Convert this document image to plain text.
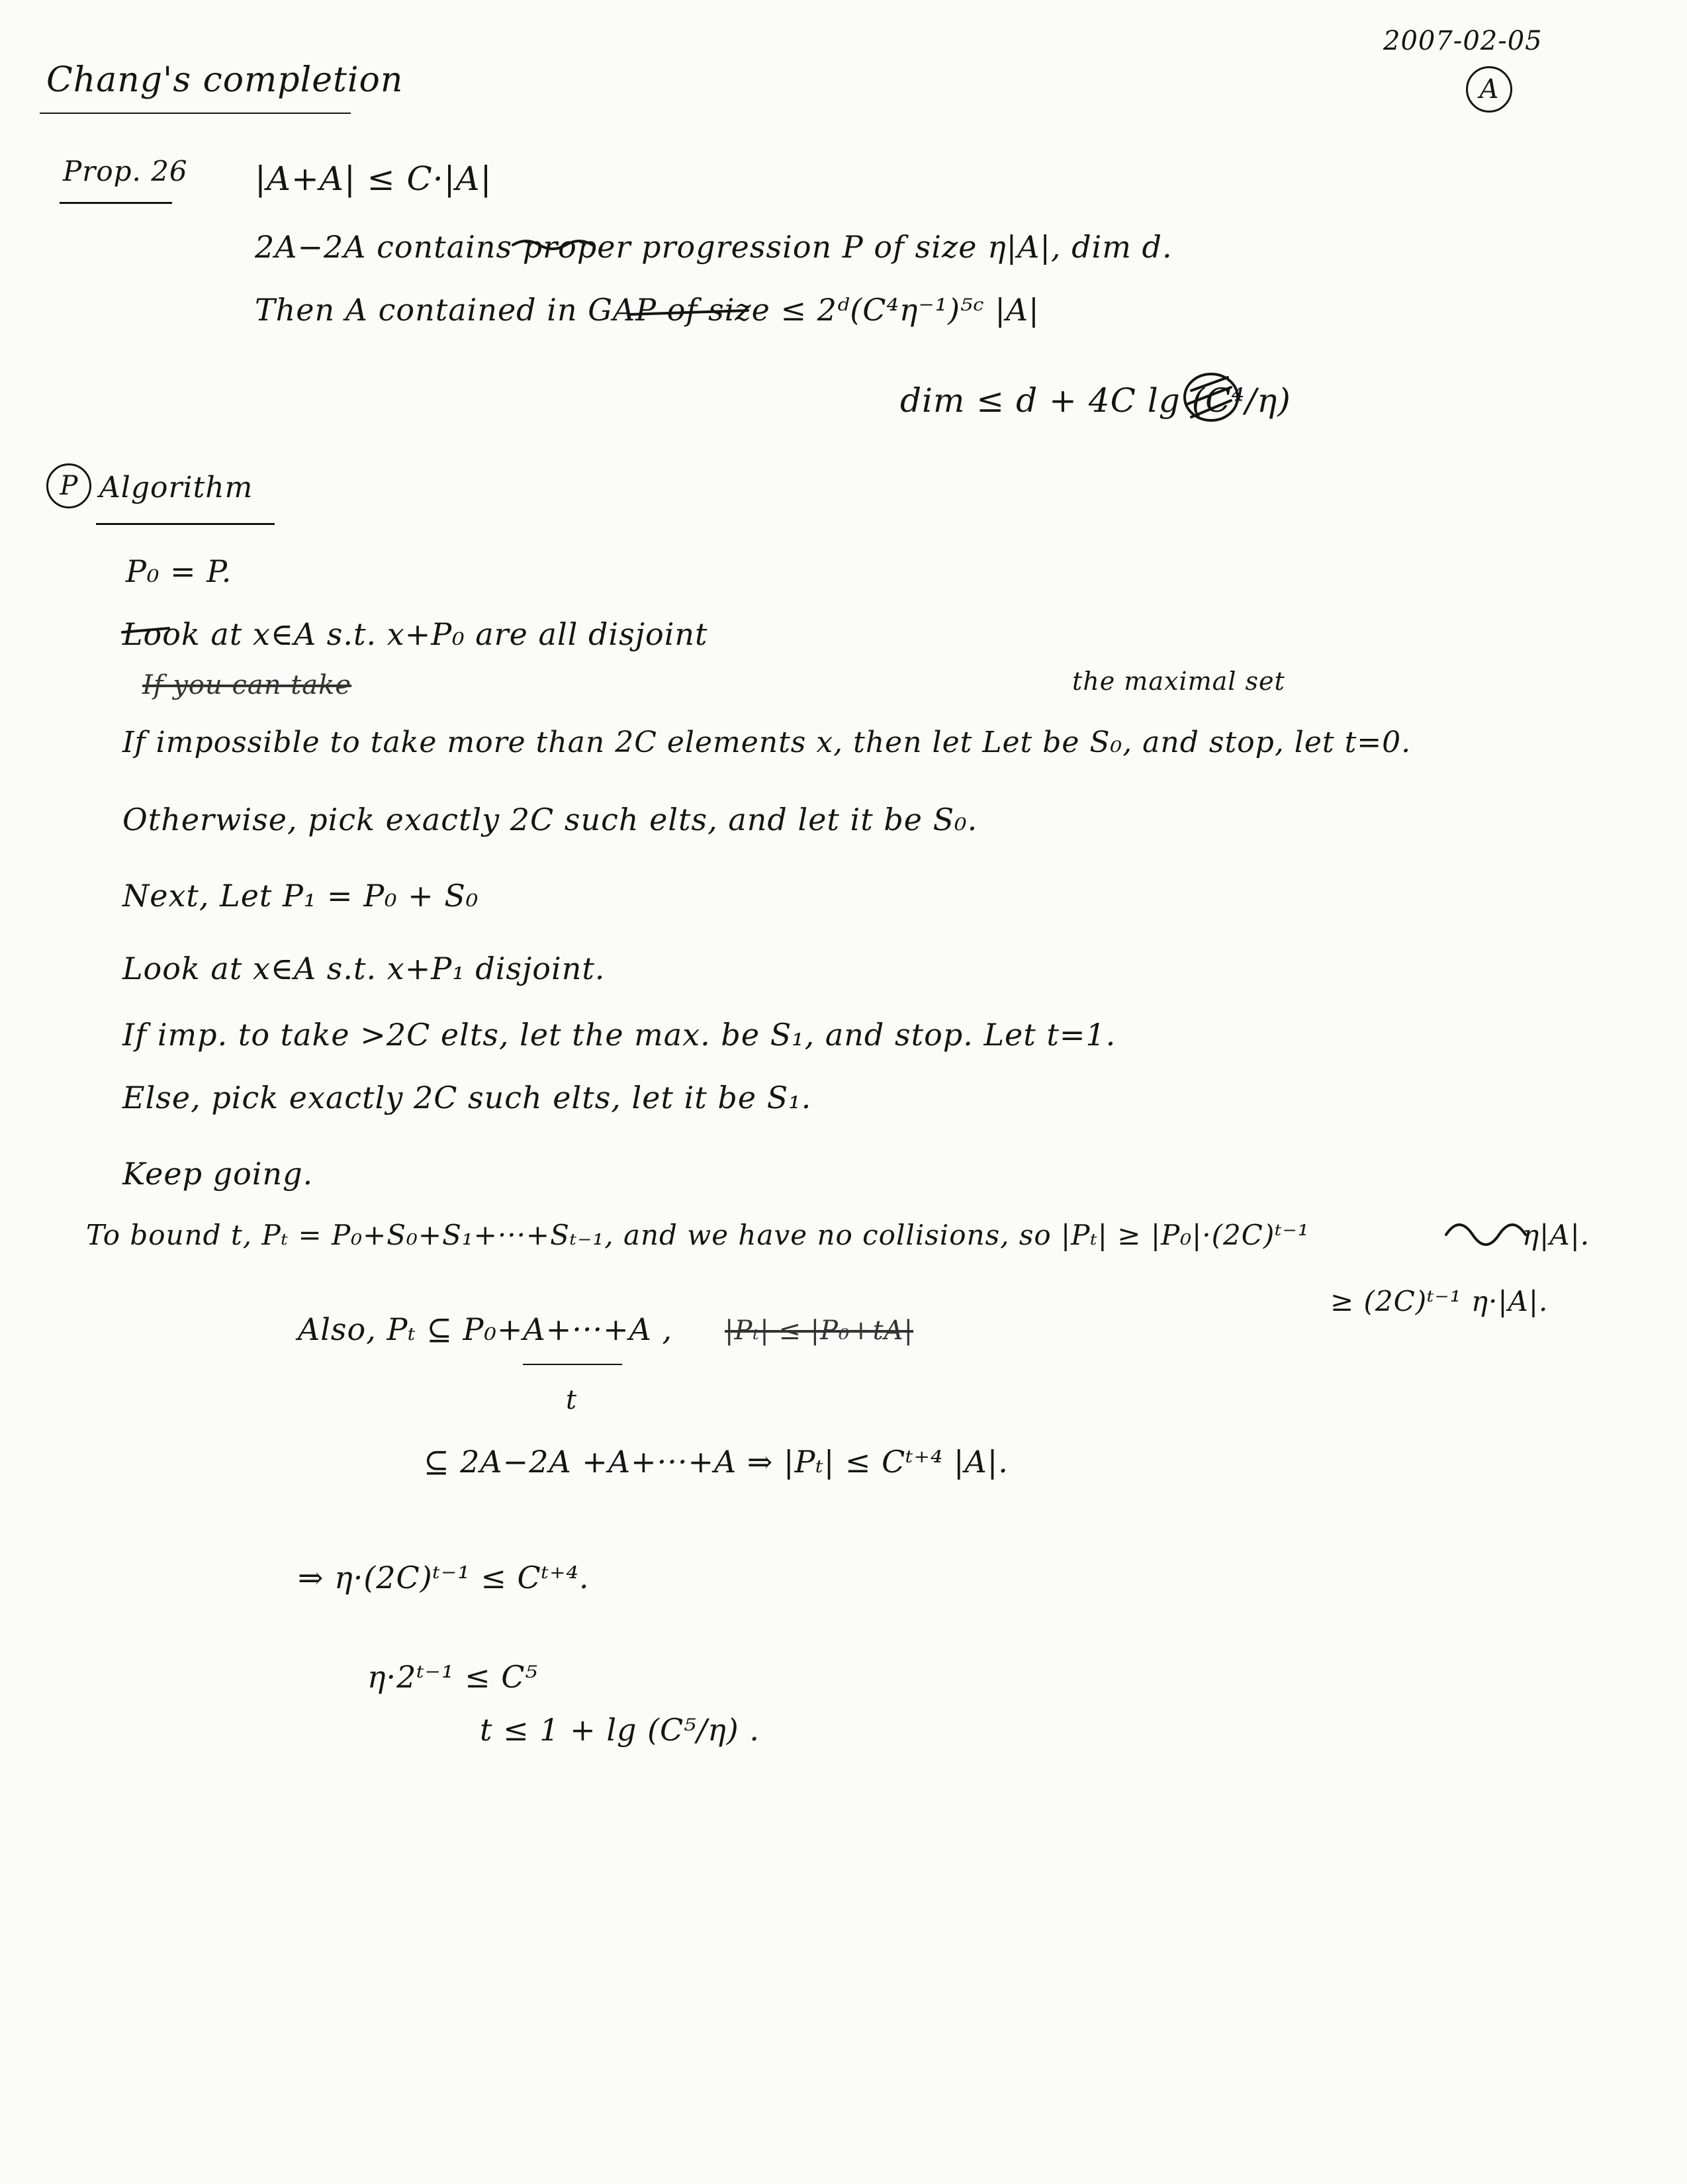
Chang's completion
2007-02-05
A
Prop. 26 |A+A| ≤ C·|A|
2A−2A contains proper progression P of size η|A|, dim d.
Then A contained in GAP of size ≤ 2ᵈ(C⁴η⁻¹)⁵ᶜ |A|
dim ≤ d + 4C lg (C⁴/η)
P Algorithm
P₀ = P.
Look at x∈A s.t. x+P₀ are all disjoint
If you can take	the maximal set
If impossible to take more than 2C elements x, then let Let be S₀, and stop, let t=0.
Otherwise, pick exactly 2C such elts, and let it be S₀.
Next, Let P₁ = P₀ + S₀
Look at x∈A s.t. x+P₁ disjoint.
If imp. to take >2C elts, let the max. be S₁, and stop. Let t=1.
Else, pick exactly 2C such elts, let it be S₁.
Keep going.
To bound t, Pₜ = P₀+S₀+S₁+···+Sₜ₋₁, and we have no collisions, so |Pₜ| ≥ |P₀|·(2C)ᵗ⁻¹	η|A|.
≥ (2C)ᵗ⁻¹ η·|A|.
Also, Pₜ ⊆ P₀+A+···+A , |Pₜ| ≤ |P₀+tA|
t
⊆ 2A−2A +A+···+A ⇒ |Pₜ| ≤ Cᵗ⁺⁴ |A|.
⇒ η·(2C)ᵗ⁻¹ ≤ Cᵗ⁺⁴.
η·2ᵗ⁻¹ ≤ C⁵
t ≤ 1 + lg (C⁵/η) .
